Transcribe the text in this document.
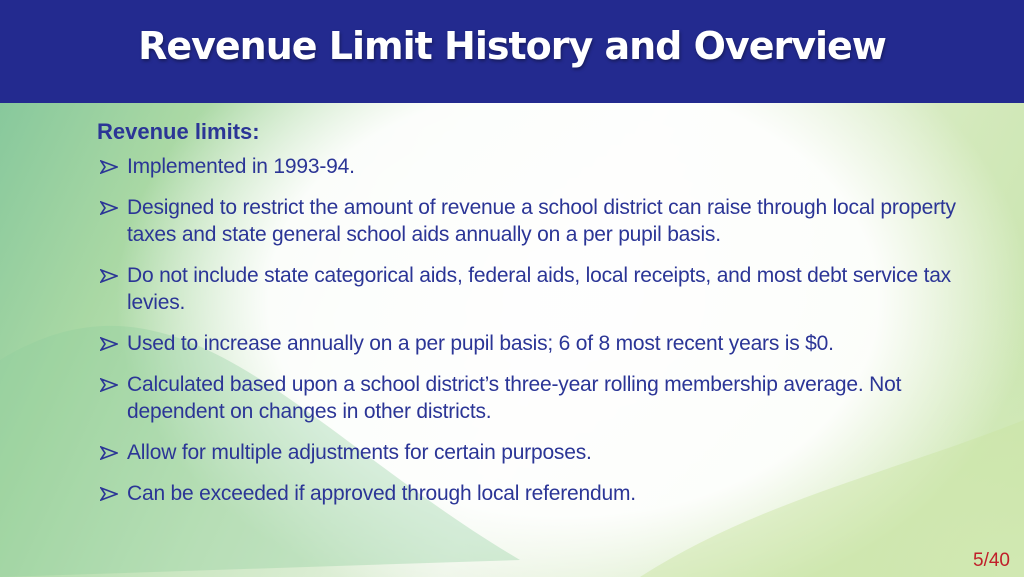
Revenue Limit History and Overview
Revenue limits:
Implemented in 1993-94.
Designed to restrict the amount of revenue a school district can raise through local property taxes and state general school aids annually on a per pupil basis.
Do not include state categorical aids, federal aids, local receipts, and most debt service tax levies.
Used to increase annually on a per pupil basis; 6 of 8 most recent years is $0.
Calculated based upon a school district’s three-year rolling membership average. Not dependent on changes in other districts.
Allow for multiple adjustments for certain purposes.
Can be exceeded if approved through local referendum.
5/40
